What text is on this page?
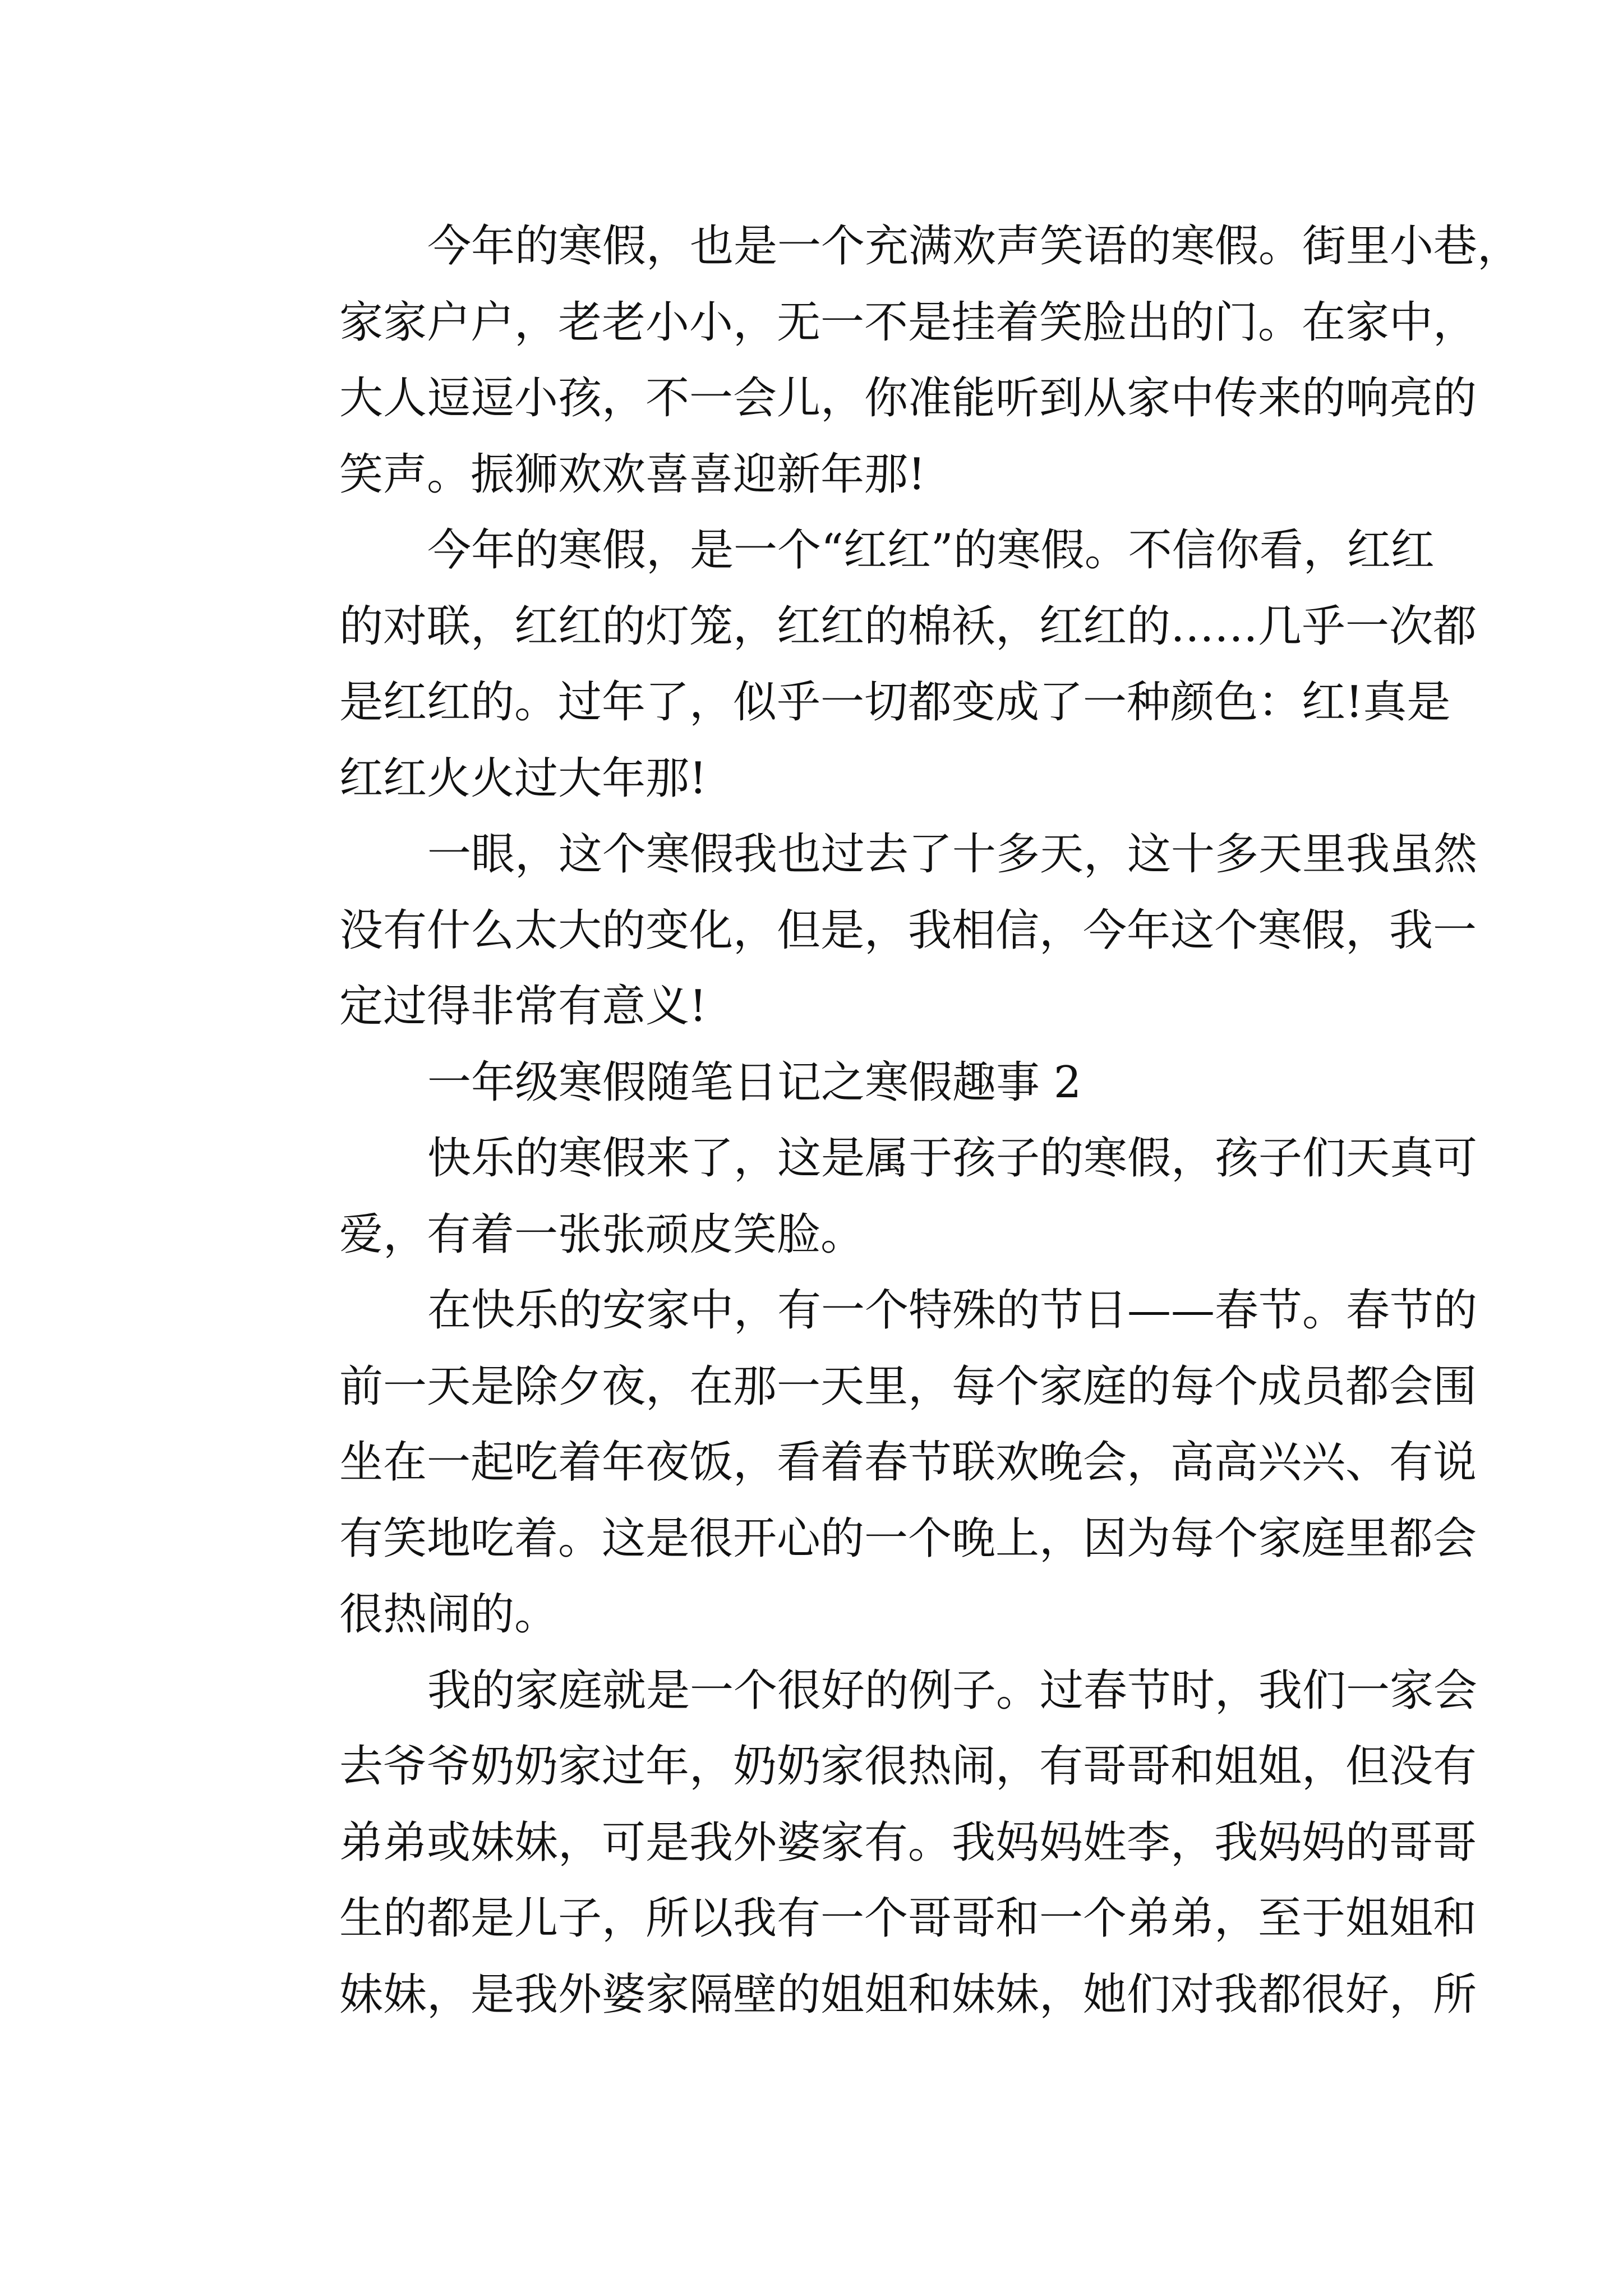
今年的寒假，也是一个充满欢声笑语的寒假。街里小巷，
家家户户，老老小小，无一不是挂着笑脸出的门。在家中，
大人逗逗小孩，不一会儿，你准能听到从家中传来的响亮的
笑声。振狮欢欢喜喜迎新年那!
今年的寒假，是一个“红红”的寒假。不信你看，红红
的对联，红红的灯笼，红红的棉袄，红红的……几乎一次都
是红红的。过年了，似乎一切都变成了一种颜色：红!真是
红红火火过大年那!
一眼，这个寒假我也过去了十多天，这十多天里我虽然
没有什么太大的变化，但是，我相信，今年这个寒假，我一
定过得非常有意义!
一年级寒假随笔日记之寒假趣事 2
快乐的寒假来了，这是属于孩子的寒假，孩子们天真可
爱，有着一张张顽皮笑脸。
在快乐的安家中，有一个特殊的节日——春节。春节的
前一天是除夕夜，在那一天里，每个家庭的每个成员都会围
坐在一起吃着年夜饭，看着春节联欢晚会，高高兴兴、有说
有笑地吃着。这是很开心的一个晚上，因为每个家庭里都会
很热闹的。
我的家庭就是一个很好的例子。过春节时，我们一家会
去爷爷奶奶家过年，奶奶家很热闹，有哥哥和姐姐，但没有
弟弟或妹妹，可是我外婆家有。我妈妈姓李，我妈妈的哥哥
生的都是儿子，所以我有一个哥哥和一个弟弟，至于姐姐和
妹妹，是我外婆家隔壁的姐姐和妹妹，她们对我都很好，所
